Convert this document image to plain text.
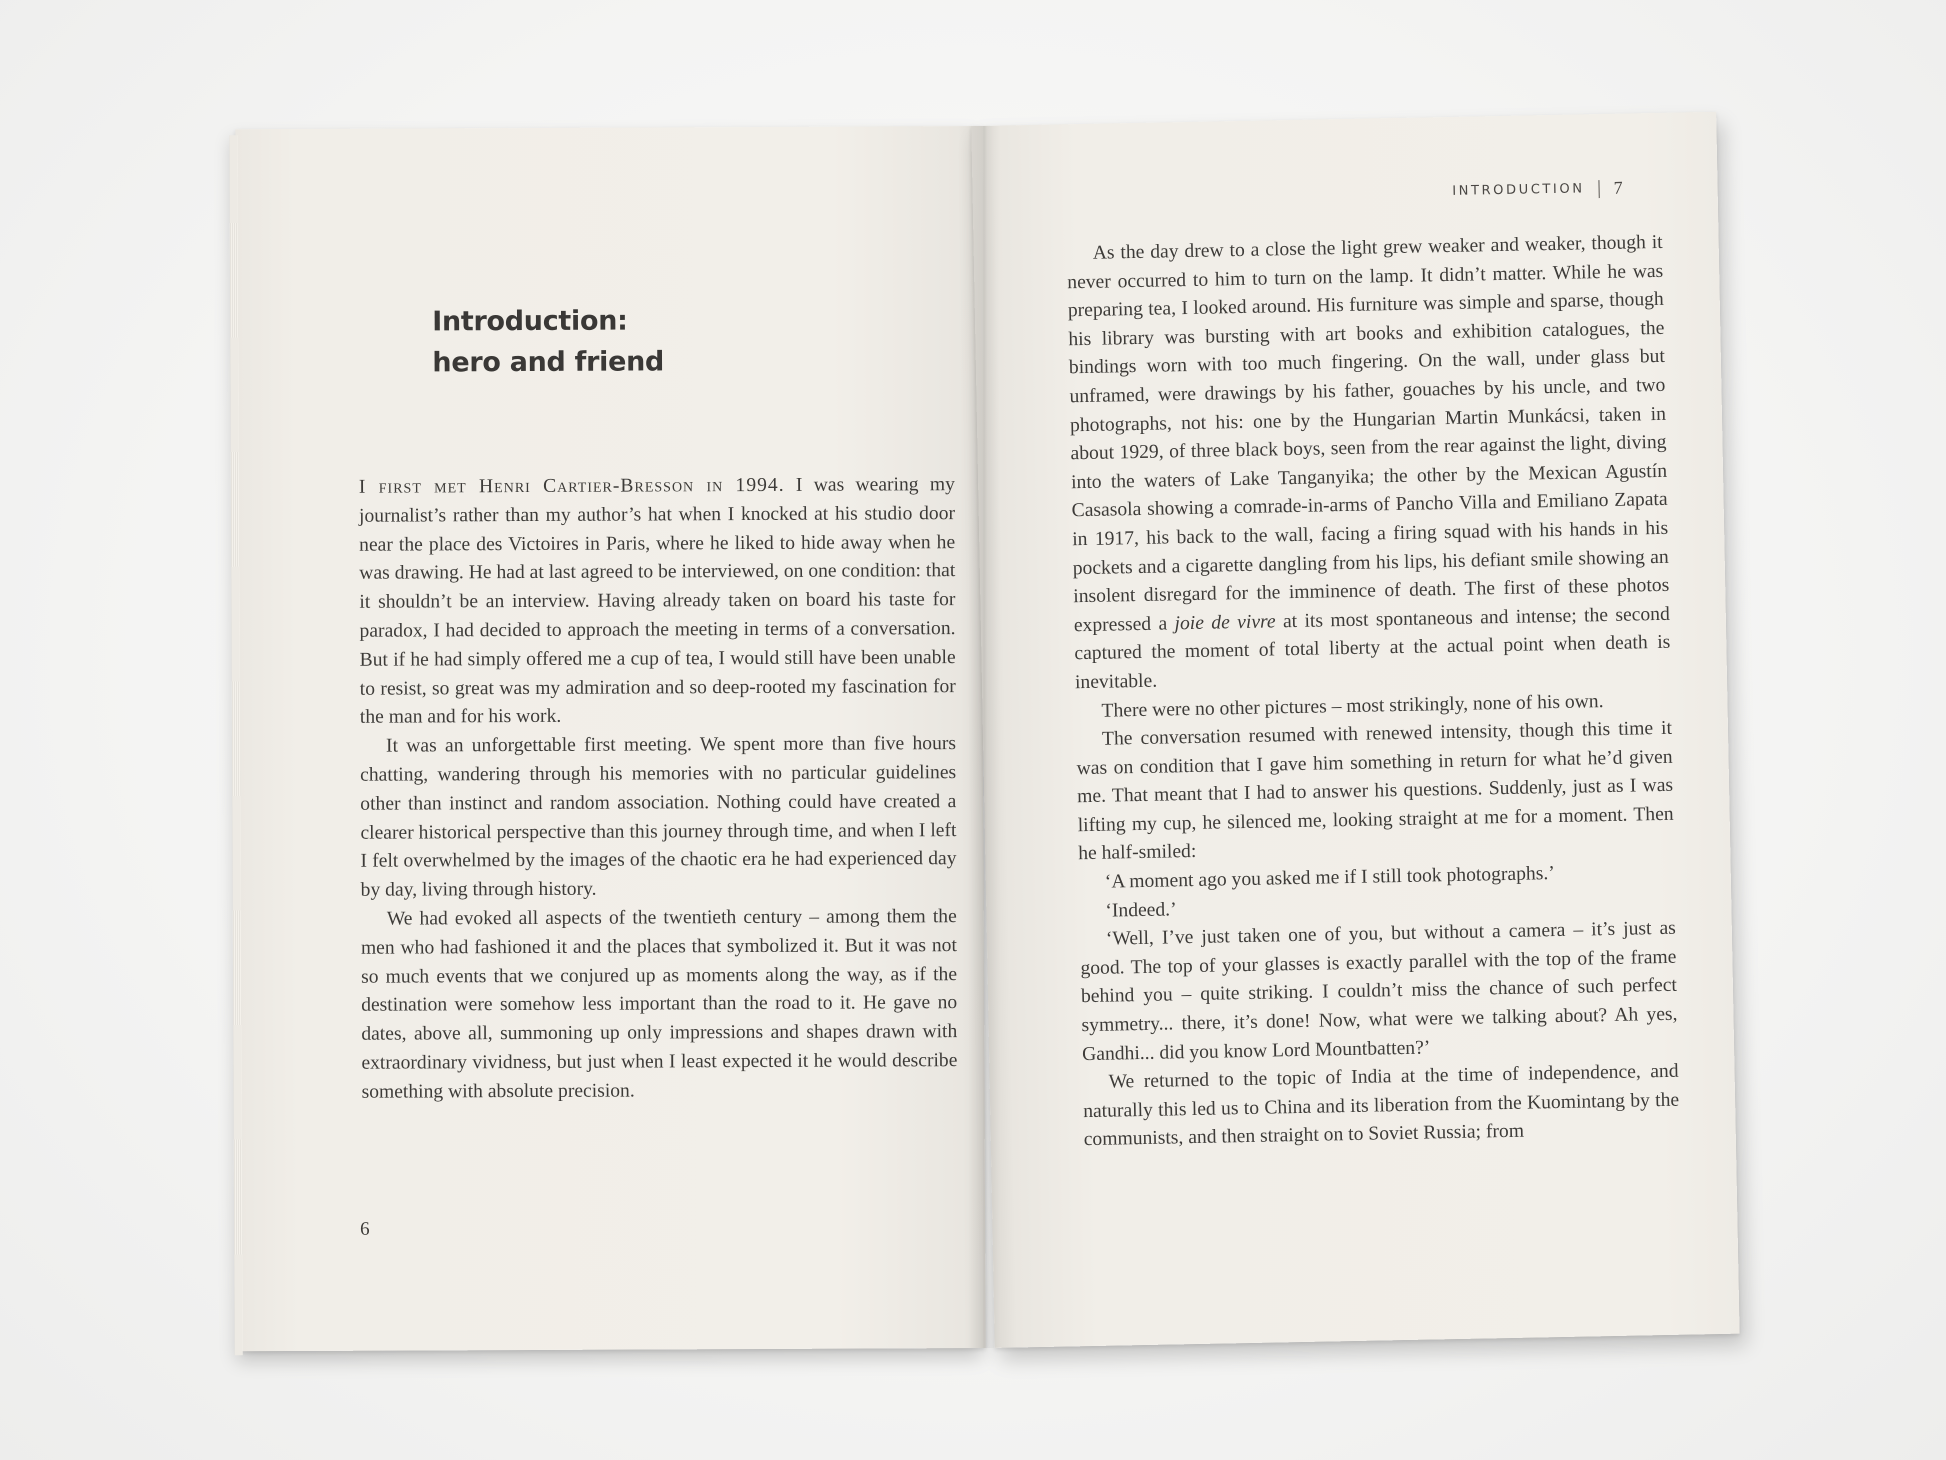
Introduction:
hero and friend

I first met Henri Cartier-Bresson in 1994. I was wearing my journalist’s rather than my author’s hat when I knocked at his studio door near the place des Victoires in Paris, where he liked to hide away when he was drawing. He had at last agreed to be interviewed, on one condition: that it shouldn’t be an interview. Having already taken on board his taste for paradox, I had decided to approach the meeting in terms of a conversation. But if he had simply offered me a cup of tea, I would still have been unable to resist, so great was my admiration and so deep-rooted my fascination for the man and for his work.

It was an unforgettable first meeting. We spent more than five hours chatting, wandering through his memories with no particular guidelines other than instinct and random association. Nothing could have created a clearer historical perspective than this journey through time, and when I left I felt overwhelmed by the images of the chaotic era he had experienced day by day, living through history.

We had evoked all aspects of the twentieth century – among them the men who had fashioned it and the places that symbolized it. But it was not so much events that we conjured up as moments along the way, as if the destination were somehow less important than the road to it. He gave no dates, above all, summoning up only impressions and shapes drawn with extraordinary vividness, but just when I least expected it he would describe something with absolute precision.

6
INTRODUCTION 7

As the day drew to a close the light grew weaker and weaker, though it never occurred to him to turn on the lamp. It didn’t matter. While he was preparing tea, I looked around. His furniture was simple and sparse, though his library was bursting with art books and exhibition catalogues, the bindings worn with too much fingering. On the wall, under glass but unframed, were drawings by his father, gouaches by his uncle, and two photographs, not his: one by the Hungarian Martin Munkácsi, taken in about 1929, of three black boys, seen from the rear against the light, diving into the waters of Lake Tanganyika; the other by the Mexican Agustín Casasola showing a comrade-in-arms of Pancho Villa and Emiliano Zapata in 1917, his back to the wall, facing a firing squad with his hands in his pockets and a cigarette dangling from his lips, his defiant smile showing an insolent disregard for the imminence of death. The first of these photos expressed a joie de vivre at its most spontaneous and intense; the second captured the moment of total liberty at the actual point when death is inevitable.

There were no other pictures – most strikingly, none of his own.

The conversation resumed with renewed intensity, though this time it was on condition that I gave him something in return for what he’d given me. That meant that I had to answer his questions. Suddenly, just as I was lifting my cup, he silenced me, looking straight at me for a moment. Then he half-smiled:

‘A moment ago you asked me if I still took photographs.’

‘Indeed.’

‘Well, I’ve just taken one of you, but without a camera – it’s just as good. The top of your glasses is exactly parallel with the top of the frame behind you – quite striking. I couldn’t miss the chance of such perfect symmetry... there, it’s done! Now, what were we talking about? Ah yes, Gandhi... did you know Lord Mountbatten?’

We returned to the topic of India at the time of independence, and naturally this led us to China and its liberation from the Kuomintang by the communists, and then straight on to Soviet Russia; from
